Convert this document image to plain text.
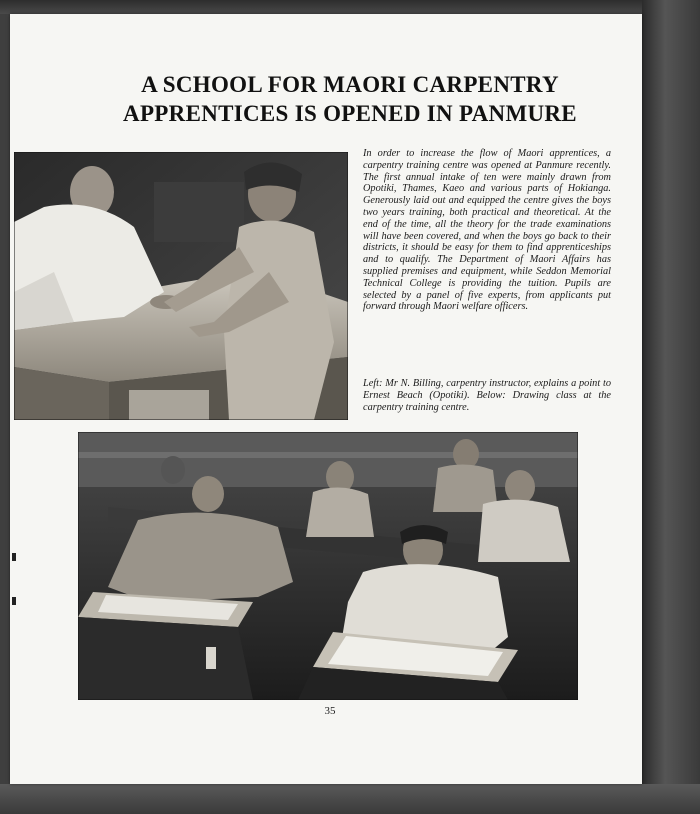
A SCHOOL FOR MAORI CARPENTRY
APPRENTICES IS OPENED IN PANMURE

In order to increase the flow of Maori apprentices, a carpentry training centre was opened at Panmure recently. The first annual intake of ten were mainly drawn from Opotiki, Thames, Kaeo and various parts of Hokianga. Generously laid out and equipped the centre gives the boys two years training, both practical and theoretical. At the end of the time, all the theory for the trade examinations will have been covered, and when the boys go back to their districts, it should be easy for them to find apprenticeships and to qualify. The Department of Maori Affairs has supplied premises and equipment, while Seddon Memorial Technical College is providing the tuition. Pupils are selected by a panel of five experts, from applicants put forward through Maori welfare officers.

Left: Mr N. Billing, carpentry instructor, explains a point to Ernest Beach (Opotiki). Below: Drawing class at the carpentry training centre.

35
